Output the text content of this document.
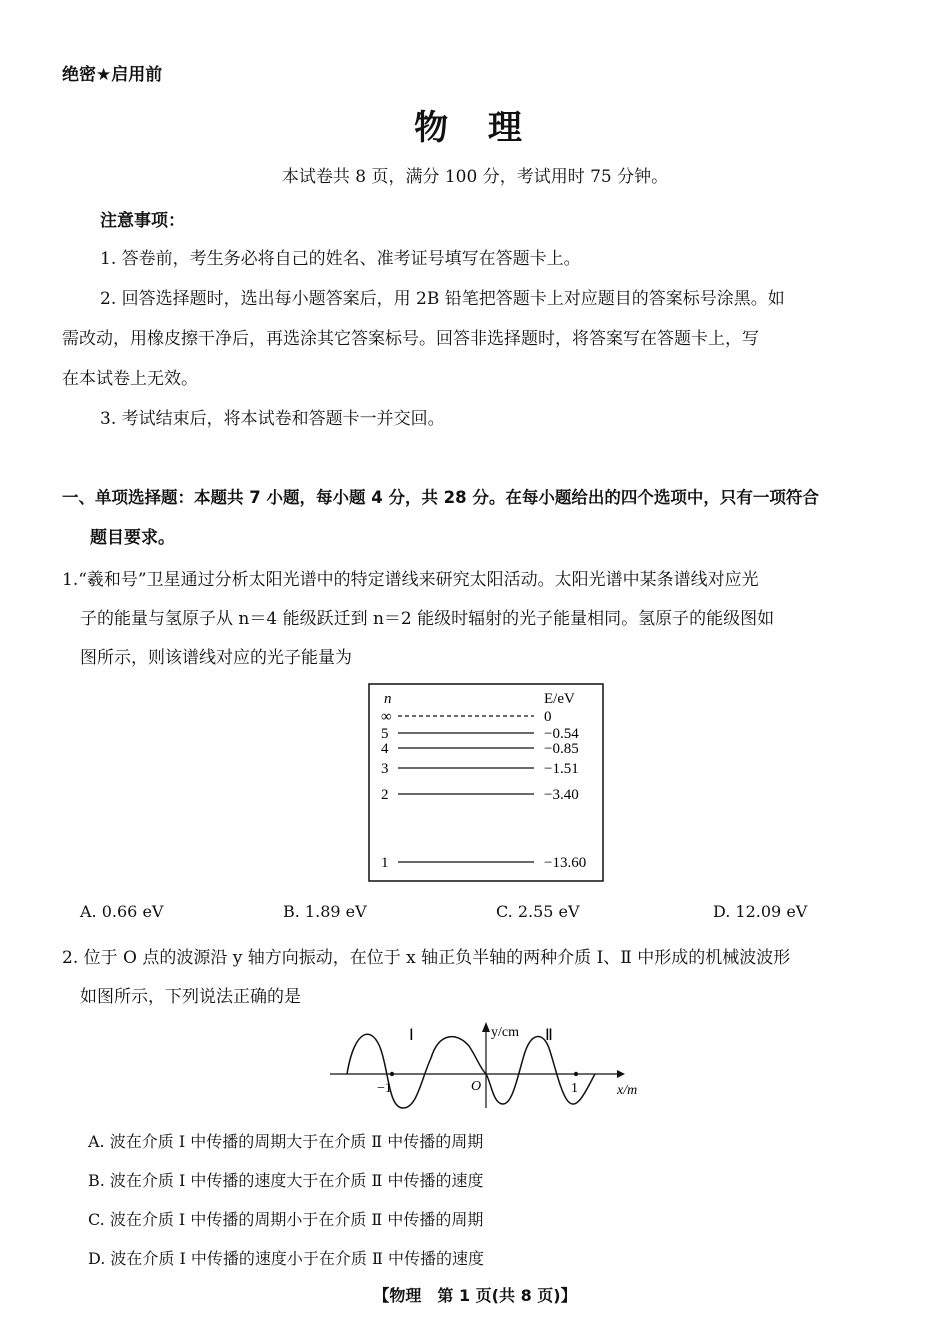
绝密★启用前
物 理
本试卷共 8 页，满分 100 分，考试用时 75 分钟。
注意事项：
1. 答卷前，考生务必将自己的姓名、准考证号填写在答题卡上。
2. 回答选择题时，选出每小题答案后，用 2B 铅笔把答题卡上对应题目的答案标号涂黑。如
需改动，用橡皮擦干净后，再选涂其它答案标号。回答非选择题时，将答案写在答题卡上，写
在本试卷上无效。
3. 考试结束后，将本试卷和答题卡一并交回。
一、单项选择题：本题共 7 小题，每小题 4 分，共 28 分。在每小题给出的四个选项中，只有一项符合
题目要求。
1.“羲和号”卫星通过分析太阳光谱中的特定谱线来研究太阳活动。太阳光谱中某条谱线对应光
子的能量与氢原子从 n＝4 能级跃迁到 n＝2 能级时辐射的光子能量相同。氢原子的能级图如
图所示，则该谱线对应的光子能量为
n	E/eV
∞	0
5	−0.54
4	−0.85
3	−1.51
2	−3.40
1	−13.60
A. 0.66 eV	B. 1.89 eV	C. 2.55 eV	D. 12.09 eV
2. 位于 O 点的波源沿 y 轴方向振动，在位于 x 轴正负半轴的两种介质 Ⅰ、Ⅱ 中形成的机械波波形
如图所示，下列说法正确的是
Ⅰ	Ⅱ
y/cm
x/m
O
−1	1
A. 波在介质 Ⅰ 中传播的周期大于在介质 Ⅱ 中传播的周期
B. 波在介质 Ⅰ 中传播的速度大于在介质 Ⅱ 中传播的速度
C. 波在介质 Ⅰ 中传播的周期小于在介质 Ⅱ 中传播的周期
D. 波在介质 Ⅰ 中传播的速度小于在介质 Ⅱ 中传播的速度
【物理　第 1 页(共 8 页)】
